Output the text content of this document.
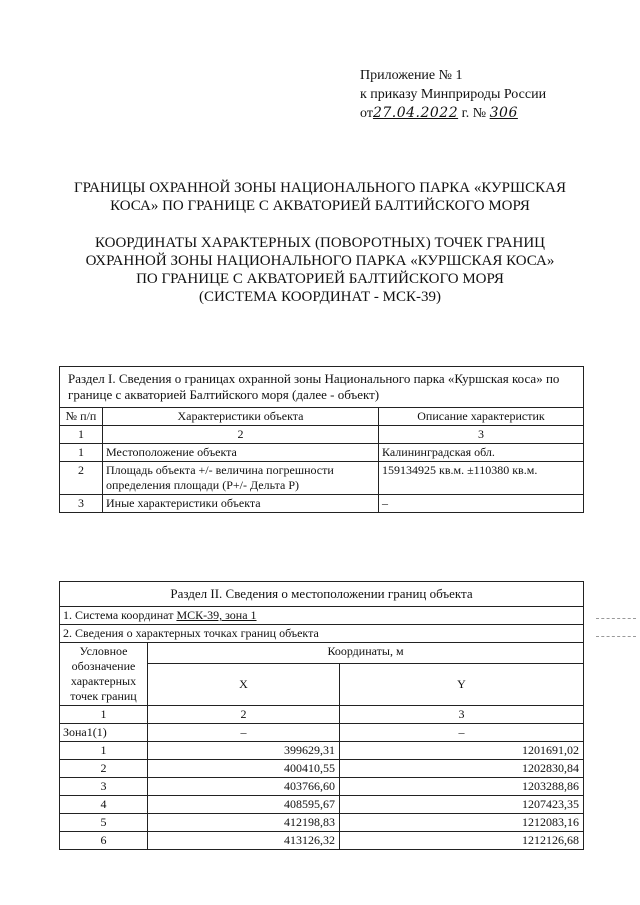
Приложение № 1
к приказу Минприроды России
от27.04.2022 г. № 306
ГРАНИЦЫ ОХРАННОЙ ЗОНЫ НАЦИОНАЛЬНОГО ПАРКА «КУРШСКАЯ
КОСА» ПО ГРАНИЦЕ С АКВАТОРИЕЙ БАЛТИЙСКОГО МОРЯ
КООРДИНАТЫ ХАРАКТЕРНЫХ (ПОВОРОТНЫХ) ТОЧЕК ГРАНИЦ
ОХРАННОЙ ЗОНЫ НАЦИОНАЛЬНОГО ПАРКА «КУРШСКАЯ КОСА»
ПО ГРАНИЦЕ С АКВАТОРИЕЙ БАЛТИЙСКОГО МОРЯ
(СИСТЕМА КООРДИНАТ - МСК-39)
Раздел I. Сведения о границах охранной зоны Национального парка «Куршская коса» по границе с акваторией Балтийского моря (далее - объект)		
№ п/п	Характеристики объекта	Описание характеристик
1	2	3
1	Местоположение объекта	Калининградская обл.
2	Площадь объекта +/- величина погрешности определения площади (P+/- Дельта P)	159134925 кв.м. ±110380 кв.м.
3	Иные характеристики объекта	–
Раздел II. Сведения о местоположении границ объекта		
1. Система координат МСК-39, зона 1		
2. Сведения о характерных точках границ объекта		
Условное обозначение характерных точек границ	Координаты, м	
	X	Y
1	2	3
Зона1(1)	–	–
1	399629,31	1201691,02
2	400410,55	1202830,84
3	403766,60	1203288,86
4	408595,67	1207423,35
5	412198,83	1212083,16
6	413126,32	1212126,68
